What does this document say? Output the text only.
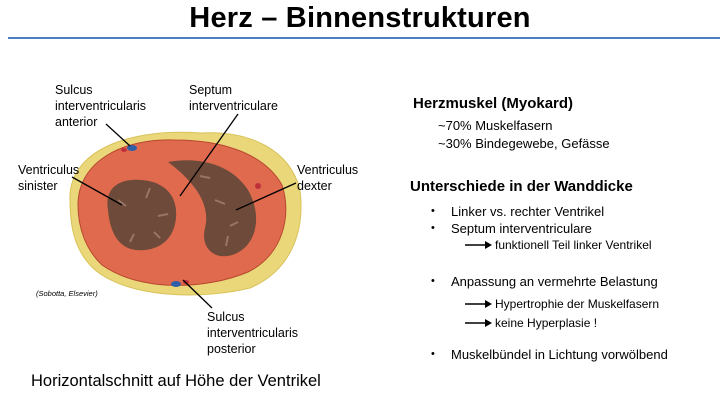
Herz – Binnenstrukturen
Sulcus
interventricularis
anterior
Septum
interventriculare
Ventriculus
sinister
Ventriculus
dexter
Sulcus
interventricularis
posterior
(Sobotta, Elsevier)
Horizontalschnitt auf Höhe der Ventrikel
Herzmuskel (Myokard)
~70% Muskelfasern
~30% Bindegewebe, Gefässe
Unterschiede in der Wanddicke
• Linker vs. rechter Ventrikel
• Septum interventriculare
funktionell Teil linker Ventrikel
• Anpassung an vermehrte Belastung
Hypertrophie der Muskelfasern
keine Hyperplasie !
• Muskelbündel in Lichtung vorwölbend
